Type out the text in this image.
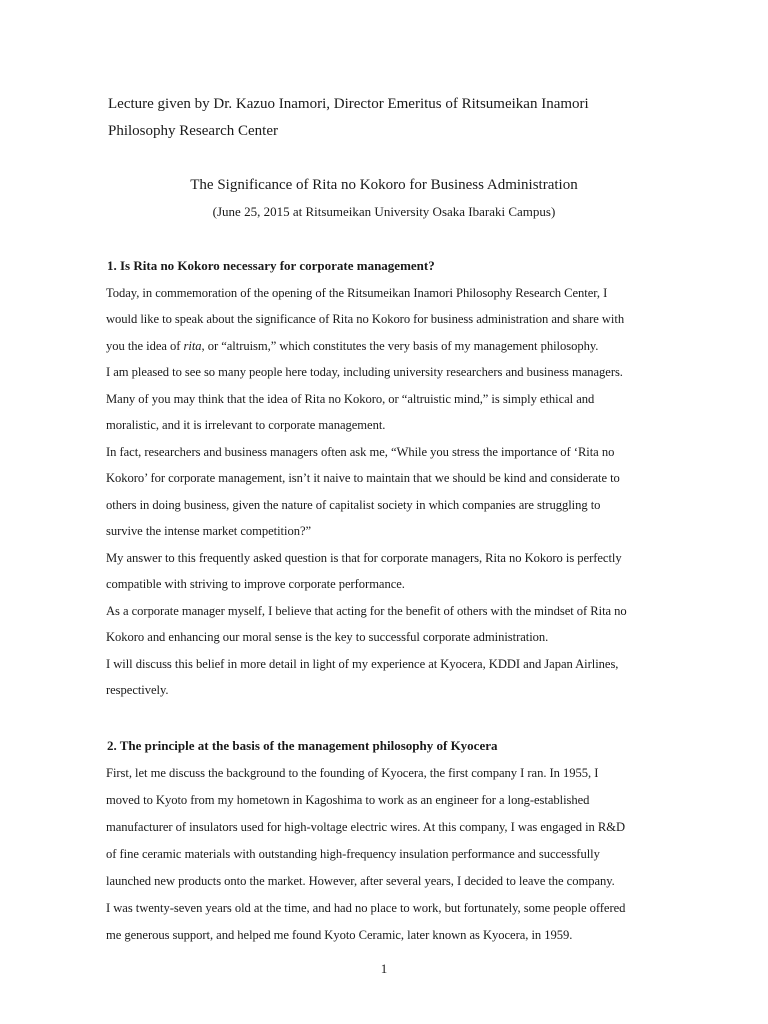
Lecture given by Dr. Kazuo Inamori, Director Emeritus of Ritsumeikan Inamori
Philosophy Research Center
The Significance of Rita no Kokoro for Business Administration
(June 25, 2015 at Ritsumeikan University Osaka Ibaraki Campus)
1. Is Rita no Kokoro necessary for corporate management?
Today, in commemoration of the opening of the Ritsumeikan Inamori Philosophy Research Center, I
would like to speak about the significance of Rita no Kokoro for business administration and share with
you the idea of rita, or “altruism,” which constitutes the very basis of my management philosophy.
I am pleased to see so many people here today, including university researchers and business managers.
Many of you may think that the idea of Rita no Kokoro, or “altruistic mind,” is simply ethical and
moralistic, and it is irrelevant to corporate management.
In fact, researchers and business managers often ask me, “While you stress the importance of ‘Rita no
Kokoro’ for corporate management, isn’t it naive to maintain that we should be kind and considerate to
others in doing business, given the nature of capitalist society in which companies are struggling to
survive the intense market competition?”
My answer to this frequently asked question is that for corporate managers, Rita no Kokoro is perfectly
compatible with striving to improve corporate performance.
As a corporate manager myself, I believe that acting for the benefit of others with the mindset of Rita no
Kokoro and enhancing our moral sense is the key to successful corporate administration.
I will discuss this belief in more detail in light of my experience at Kyocera, KDDI and Japan Airlines,
respectively.
2. The principle at the basis of the management philosophy of Kyocera
First, let me discuss the background to the founding of Kyocera, the first company I ran. In 1955, I
moved to Kyoto from my hometown in Kagoshima to work as an engineer for a long-established
manufacturer of insulators used for high-voltage electric wires. At this company, I was engaged in R&D
of fine ceramic materials with outstanding high-frequency insulation performance and successfully
launched new products onto the market. However, after several years, I decided to leave the company.
I was twenty-seven years old at the time, and had no place to work, but fortunately, some people offered
me generous support, and helped me found Kyoto Ceramic, later known as Kyocera, in 1959.
1
